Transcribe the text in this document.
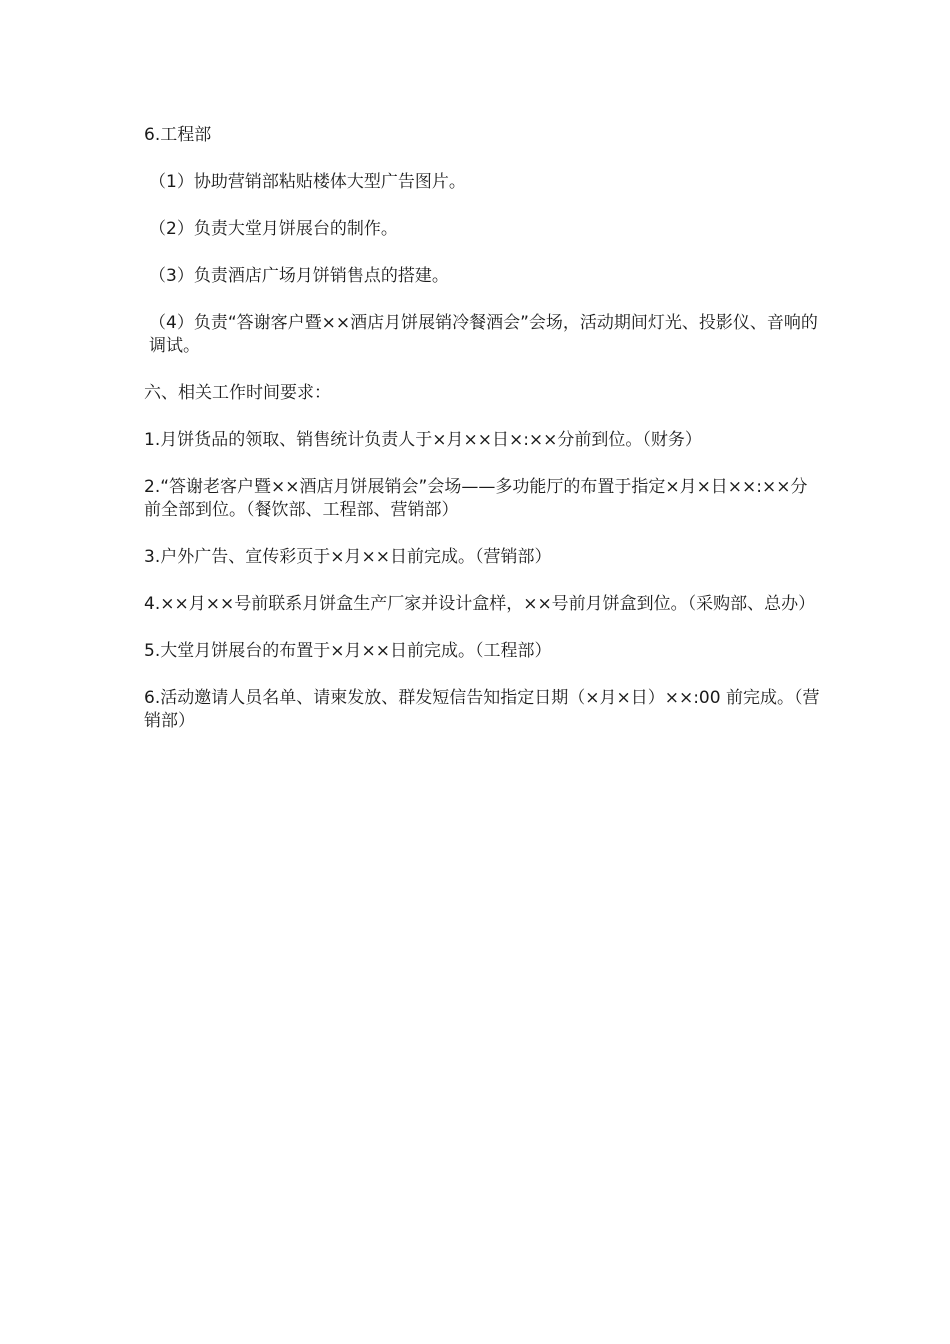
6.工程部

（1）协助营销部粘贴楼体大型广告图片。

（2）负责大堂月饼展台的制作。

（3）负责酒店广场月饼销售点的搭建。

（4）负责“答谢客户暨××酒店月饼展销冷餐酒会”会场，活动期间灯光、投影仪、音响的调试。

六、相关工作时间要求：

1.月饼货品的领取、销售统计负责人于×月××日×:××分前到位。（财务）

2.“答谢老客户暨××酒店月饼展销会”会场——多功能厅的布置于指定×月×日××:××分前全部到位。（餐饮部、工程部、营销部）

3.户外广告、宣传彩页于×月××日前完成。（营销部）

4.××月××号前联系月饼盒生产厂家并设计盒样，××号前月饼盒到位。（采购部、总办）

5.大堂月饼展台的布置于×月××日前完成。（工程部）

6.活动邀请人员名单、请柬发放、群发短信告知指定日期（×月×日）××:00 前完成。（营销部）
